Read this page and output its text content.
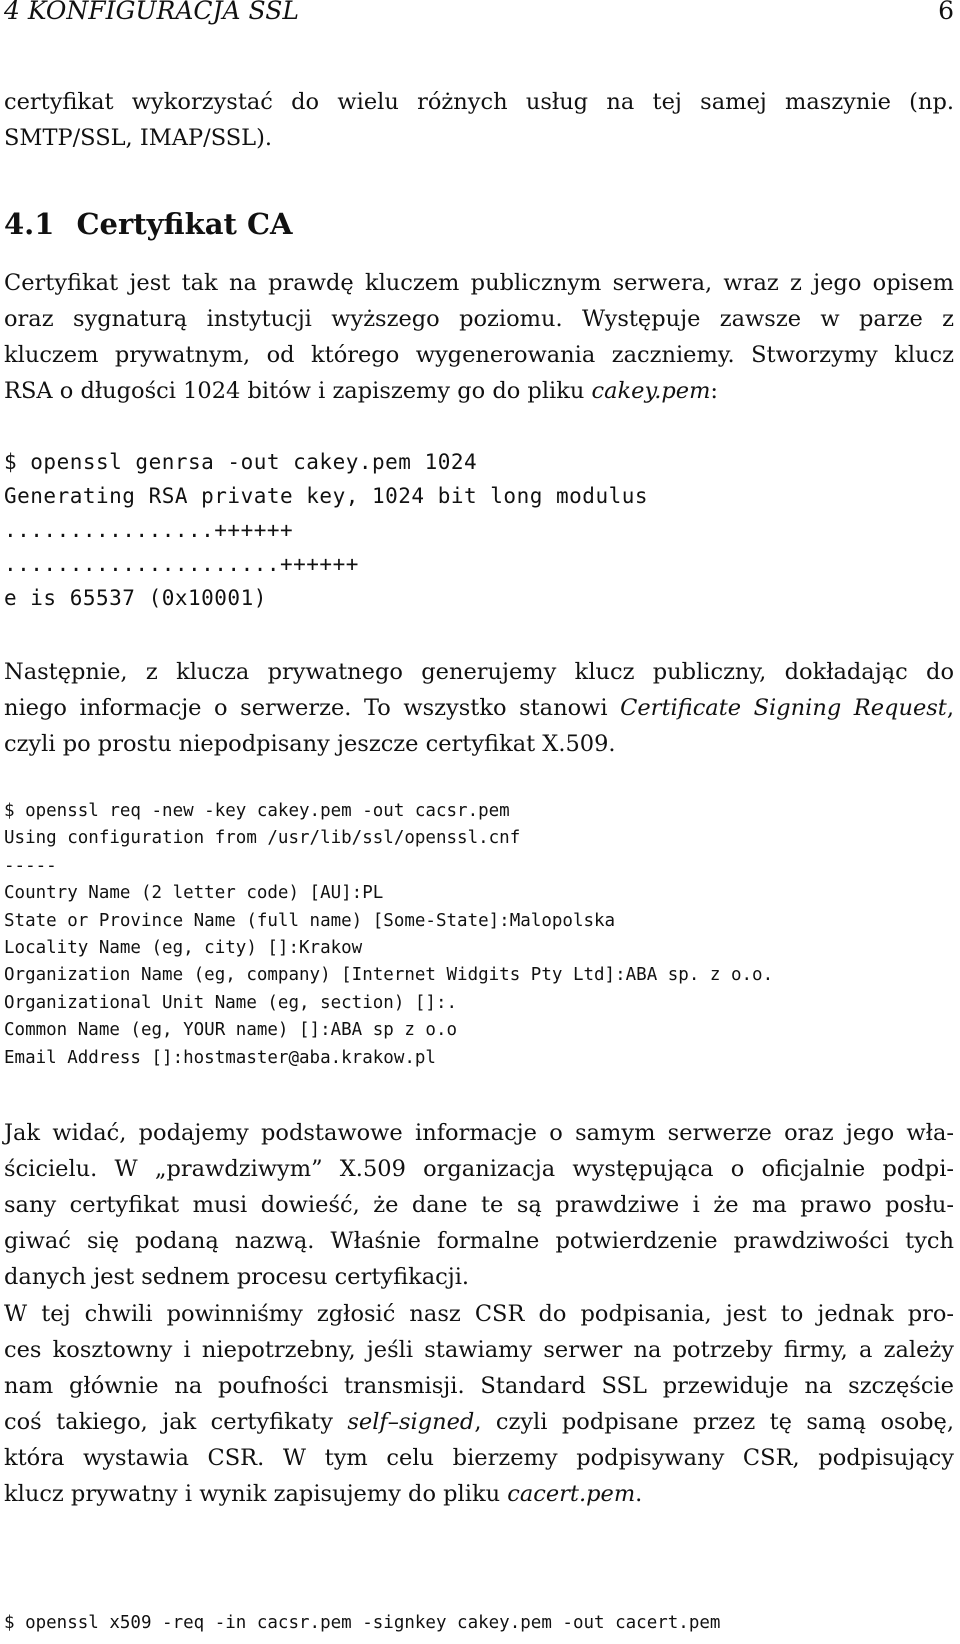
4 KONFIGURACJA SSL	6
certyfikat wykorzystać do wielu różnych usług na tej samej maszynie (np.
SMTP/SSL, IMAP/SSL).
4.1 Certyfikat CA
Certyfikat jest tak na prawdę kluczem publicznym serwera, wraz z jego opisem
oraz sygnaturą instytucji wyższego poziomu. Występuje zawsze w parze z
kluczem prywatnym, od którego wygenerowania zaczniemy. Stworzymy klucz
RSA o długości 1024 bitów i zapiszemy go do pliku cakey.pem:
$ openssl genrsa -out cakey.pem 1024
Generating RSA private key, 1024 bit long modulus
................++++++
.....................++++++
e is 65537 (0x10001)
Następnie, z klucza prywatnego generujemy klucz publiczny, dokładając do
niego informacje o serwerze. To wszystko stanowi Certificate Signing Request,
czyli po prostu niepodpisany jeszcze certyfikat X.509.
$ openssl req -new -key cakey.pem -out cacsr.pem
Using configuration from /usr/lib/ssl/openssl.cnf
-----
Country Name (2 letter code) [AU]:PL
State or Province Name (full name) [Some-State]:Malopolska
Locality Name (eg, city) []:Krakow
Organization Name (eg, company) [Internet Widgits Pty Ltd]:ABA sp. z o.o.
Organizational Unit Name (eg, section) []:.
Common Name (eg, YOUR name) []:ABA sp z o.o
Email Address []:hostmaster@aba.krakow.pl
Jak widać, podajemy podstawowe informacje o samym serwerze oraz jego wła-
ścicielu. W „prawdziwym” X.509 organizacja występująca o oficjalnie podpi-
sany certyfikat musi dowieść, że dane te są prawdziwe i że ma prawo posłu-
giwać się podaną nazwą. Właśnie formalne potwierdzenie prawdziwości tych
danych jest sednem procesu certyfikacji.
W tej chwili powinniśmy zgłosić nasz CSR do podpisania, jest to jednak pro-
ces kosztowny i niepotrzebny, jeśli stawiamy serwer na potrzeby firmy, a zależy
nam głównie na poufności transmisji. Standard SSL przewiduje na szczęście
coś takiego, jak certyfikaty self–signed, czyli podpisane przez tę samą osobę,
która wystawia CSR. W tym celu bierzemy podpisywany CSR, podpisujący
klucz prywatny i wynik zapisujemy do pliku cacert.pem.
$ openssl x509 -req -in cacsr.pem -signkey cakey.pem -out cacert.pem
